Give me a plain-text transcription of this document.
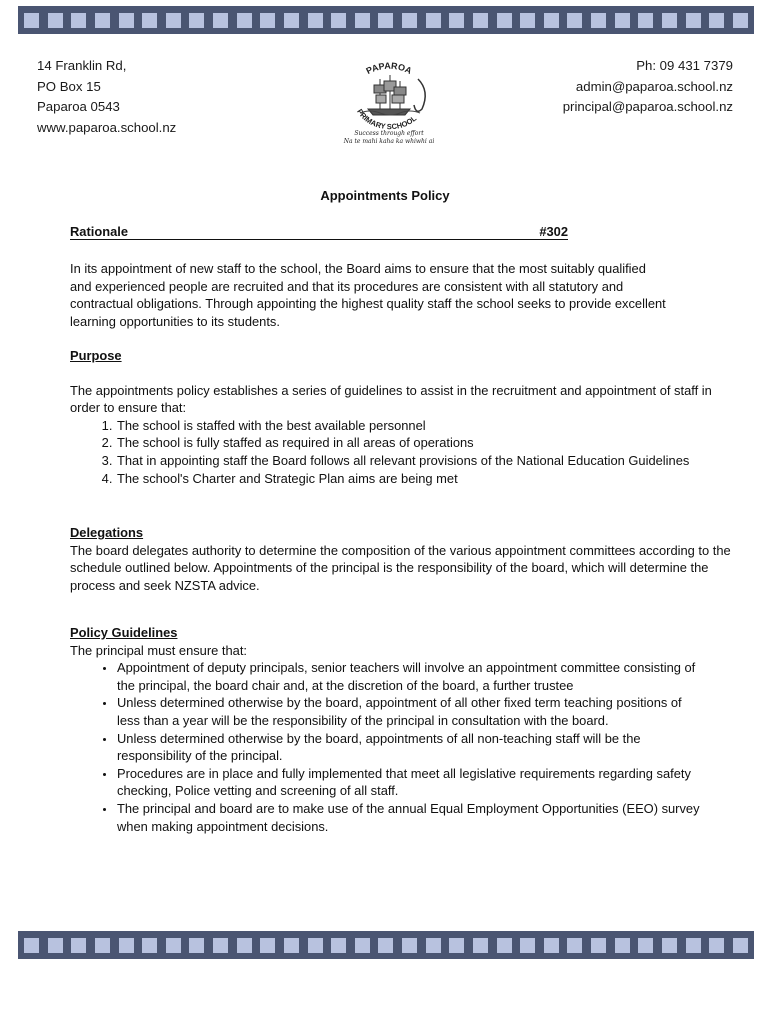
14 Franklin Rd,
PO Box 15
Paparoa 0543
www.paparoa.school.nz
Ph: 09 431 7379
admin@paparoa.school.nz
principal@paparoa.school.nz
PAPAROA
PRIMARY SCHOOL
Success through effort
Na te mahi kaha ka whiwhi ai
Appointments Policy
Rationale	#302

In its appointment of new staff to the school, the Board aims to ensure that the most suitably qualified and experienced people are recruited and that its procedures are consistent with all statutory and contractual obligations. Through appointing the highest quality staff the school seeks to provide excellent learning opportunities to its students.

Purpose

The appointments policy establishes a series of guidelines to assist in the recruitment and appointment of staff in order to ensure that:

1. The school is staffed with the best available personnel
2. The school is fully staffed as required in all areas of operations
3. That in appointing staff the Board follows all relevant provisions of the National Education Guidelines
4. The school's Charter and Strategic Plan aims are being met

Delegations

The board delegates authority to determine the composition of the various appointment committees according to the schedule outlined below. Appointments of the principal is the responsibility of the board, which will determine the process and seek NZSTA advice.

Policy Guidelines

The principal must ensure that:

• Appointment of deputy principals, senior teachers will involve an appointment committee consisting of the principal, the board chair and, at the discretion of the board, a further trustee
• Unless determined otherwise by the board, appointment of all other fixed term teaching positions of less than a year will be the responsibility of the principal in consultation with the board.
• Unless determined otherwise by the board, appointments of all non-teaching staff will be the responsibility of the principal.
• Procedures are in place and fully implemented that meet all legislative requirements regarding safety checking, Police vetting and screening of all staff.
• The principal and board are to make use of the annual Equal Employment Opportunities (EEO) survey when making appointment decisions.
